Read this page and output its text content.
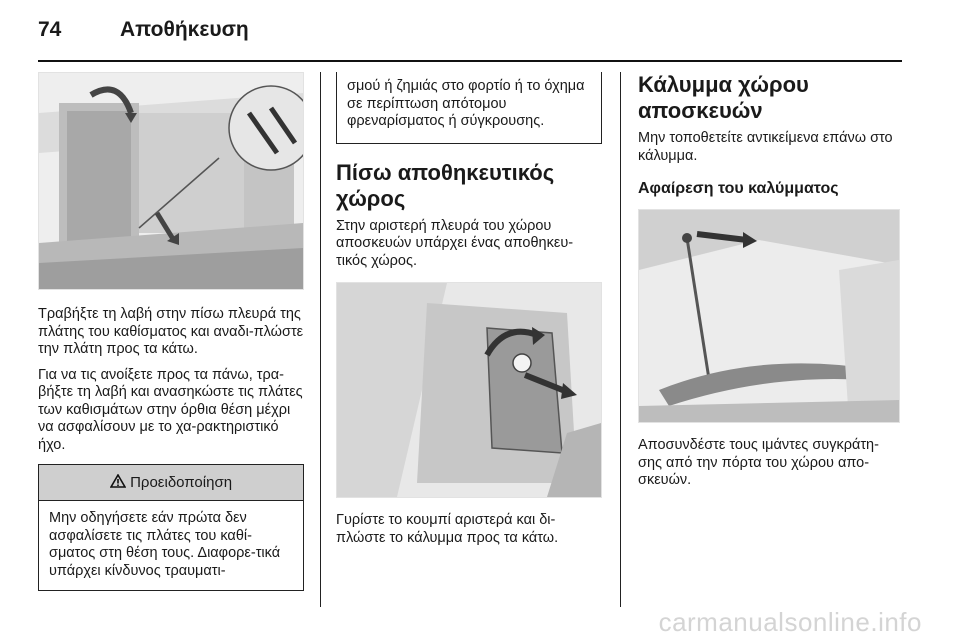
74	Αποθήκευση

Τραβήξτε τη λαβή στην πίσω πλευρά της πλάτης του καθίσματος και αναδι-πλώστε την πλάτη προς τα κάτω.

Για να τις ανοίξετε προς τα πάνω, τρα-βήξτε τη λαβή και ανασηκώστε τις πλάτες των καθισμάτων στην όρθια θέση μέχρι να ασφαλίσουν με το χα-ρακτηριστικό ήχο.

Προειδοποίηση

Μην οδηγήσετε εάν πρώτα δεν ασφαλίσετε τις πλάτες του καθί-σματος στη θέση τους. Διαφορε-τικά υπάρχει κίνδυνος τραυματι-

σμού ή ζημιάς στο φορτίο ή το όχημα σε περίπτωση απότομου φρεναρίσματος ή σύγκρουσης.

Πίσω αποθηκευτικός χώρος

Στην αριστερή πλευρά του χώρου αποσκευών υπάρχει ένας αποθηκευ-τικός χώρος.

Γυρίστε το κουμπί αριστερά και δι-πλώστε το κάλυμμα προς τα κάτω.

Κάλυμμα χώρου αποσκευών

Μην τοποθετείτε αντικείμενα επάνω στο κάλυμμα.

Αφαίρεση του καλύμματος

Αποσυνδέστε τους ιμάντες συγκράτη-σης από την πόρτα του χώρου απο-σκευών.

carmanualsonline.info
